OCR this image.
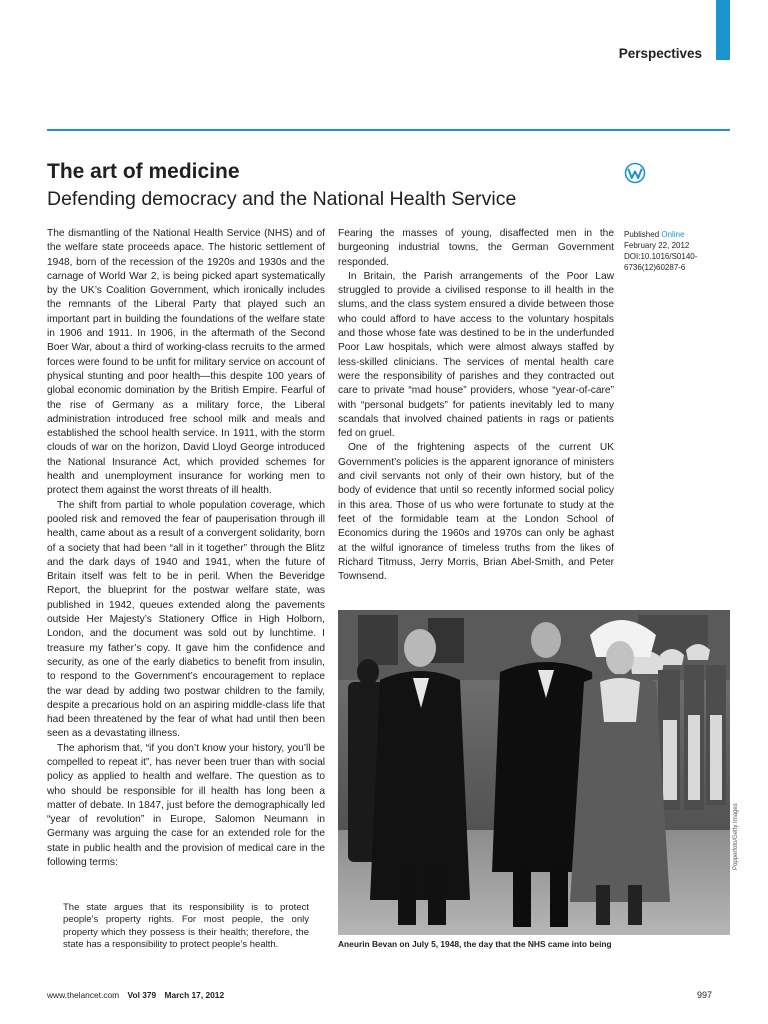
Perspectives
The art of medicine
Defending democracy and the National Health Service

The dismantling of the National Health Service (NHS) and of the welfare state proceeds apace. The historic settlement of 1948, born of the recession of the 1920s and 1930s and the carnage of World War 2, is being picked apart systematically by the UK’s Coalition Government, which ironically includes the remnants of the Liberal Party that played such an important part in building the foundations of the welfare state in 1906 and 1911. In 1906, in the aftermath of the Second Boer War, about a third of working-class recruits to the armed forces were found to be unfit for military service on account of physical stunting and poor health—this despite 100 years of global economic domination by the British Empire. Fearful of the rise of Germany as a military force, the Liberal administration introduced free school milk and meals and established the school health service. In 1911, with the storm clouds of war on the horizon, David Lloyd George introduced the National Insurance Act, which provided schemes for health and unemployment insurance for working men to protect them against the worst threats of ill health.

The shift from partial to whole population coverage, which pooled risk and removed the fear of pauperisation through ill health, came about as a result of a convergent solidarity, born of a society that had been “all in it together” through the Blitz and the dark days of 1940 and 1941, when the future of Britain itself was felt to be in peril. When the Beveridge Report, the blueprint for the postwar welfare state, was published in 1942, queues extended along the pavements outside Her Majesty’s Stationery Office in High Holborn, London, and the document was sold out by lunchtime. I treasure my father’s copy. It gave him the confidence and security, as one of the early diabetics to benefit from insulin, to respond to the Government’s encouragement to replace the war dead by adding two postwar children to the family, despite a precarious hold on an aspiring middle-class life that had been threatened by the fear of what had until then been seen as a devastating illness.

The aphorism that, “if you don’t know your history, you’ll be compelled to repeat it”, has never been truer than with social policy as applied to health and welfare. The question as to who should be responsible for ill health has long been a matter of debate. In 1847, just before the demographically led “year of revolution” in Europe, Salomon Neumann in Germany was arguing the case for an extended role for the state in public health and the provision of medical care in the following terms:

The state argues that its responsibility is to protect people’s property rights. For most people, the only property which they possess is their health; therefore, the state has a responsibility to protect people’s health.

Fearing the masses of young, disaffected men in the burgeoning industrial towns, the German Government responded.

In Britain, the Parish arrangements of the Poor Law struggled to provide a civilised response to ill health in the slums, and the class system ensured a divide between those who could afford to have access to the voluntary hospitals and those whose fate was destined to be in the underfunded Poor Law hospitals, which were almost always staffed by less-skilled clinicians. The services of mental health care were the responsibility of parishes and they contracted out care to private “mad house” providers, whose “year-of-care” with “personal budgets” for patients inevitably led to many scandals that involved chained patients in rags or patients fed on gruel.

One of the frightening aspects of the current UK Government’s policies is the apparent ignorance of ministers and civil servants not only of their own history, but of the body of evidence that until so recently informed social policy in this area. Those of us who were fortunate to study at the feet of the formidable team at the London School of Economics during the 1960s and 1970s can only be aghast at the wilful ignorance of timeless truths from the likes of Richard Titmuss, Jerry Morris, Brian Abel-Smith, and Peter Townsend.

Published Online
February 22, 2012
DOI:10.1016/S0140-6736(12)60287-6
Popperfoto/Getty Images
Aneurin Bevan on July 5, 1948, the day that the NHS came into being
www.thelancet.com Vol 379 March 17, 2012	997
